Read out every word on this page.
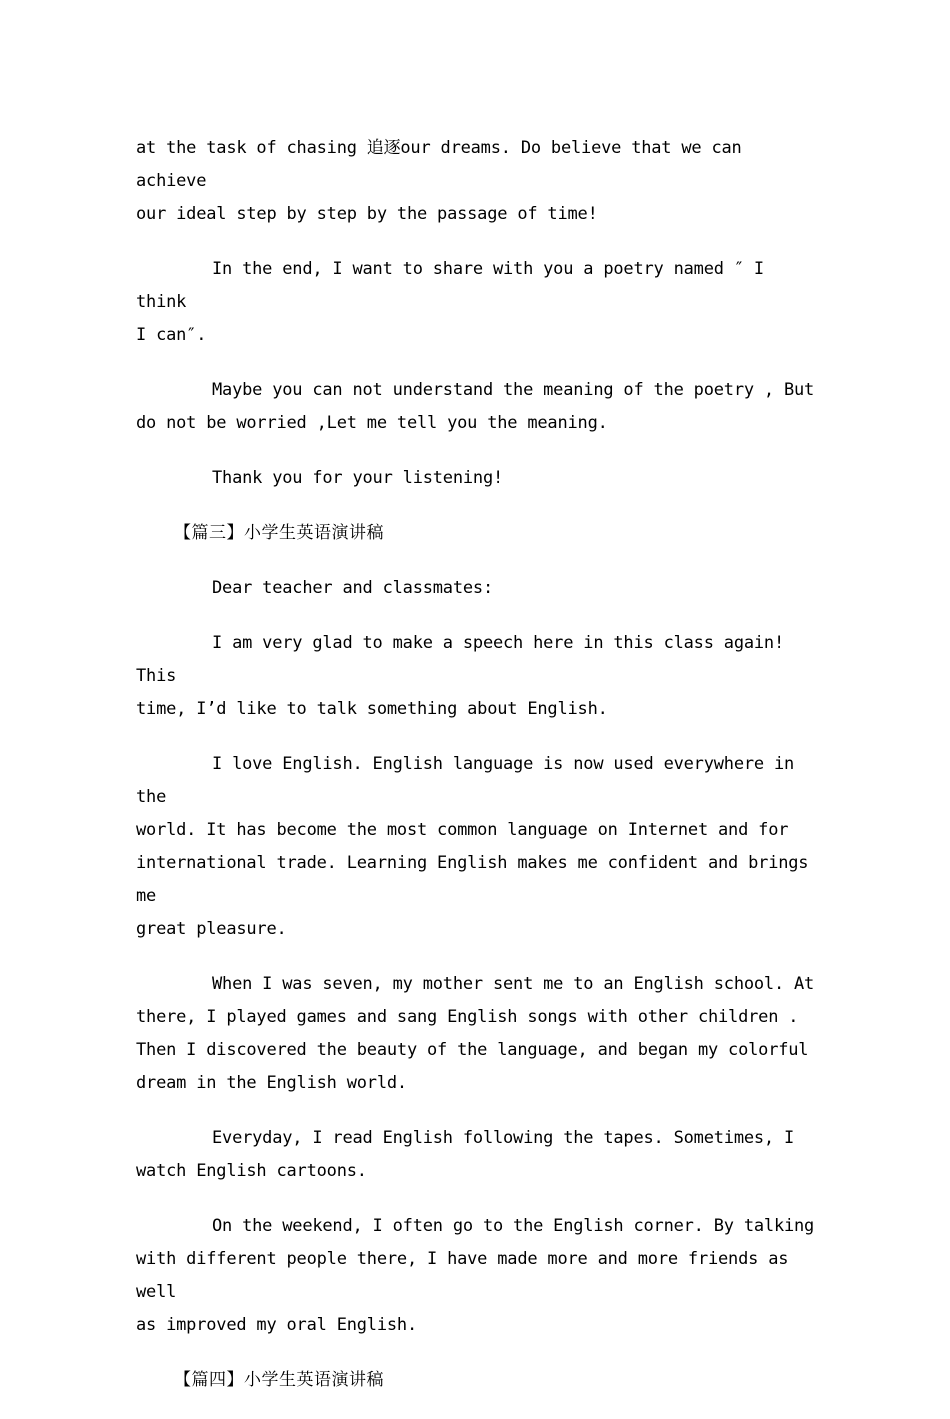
at the task of chasing 追逐our dreams. Do believe that we can achieve
our ideal step by step by the passage of time!

In the end, I want to share with you a poetry named ″ I think
I can″.

Maybe you can not understand the meaning of the poetry , But
do not be worried ,Let me tell you the meaning.

Thank you for your listening!

【篇三】小学生英语演讲稿

Dear teacher and classmates:

I am very glad to make a speech here in this class again! This
time, I’d like to talk something about English.

I love English. English language is now used everywhere in the
world. It has become the most common language on Internet and for
international trade. Learning English makes me confident and brings me
great pleasure.

When I was seven, my mother sent me to an English school. At
there, I played games and sang English songs with other children .
Then I discovered the beauty of the language, and began my colorful
dream in the English world.

Everyday, I read English following the tapes. Sometimes, I
watch English cartoons.

On the weekend, I often go to the English corner. By talking
with different people there, I have made more and more friends as well
as improved my oral English.

【篇四】小学生英语演讲稿
